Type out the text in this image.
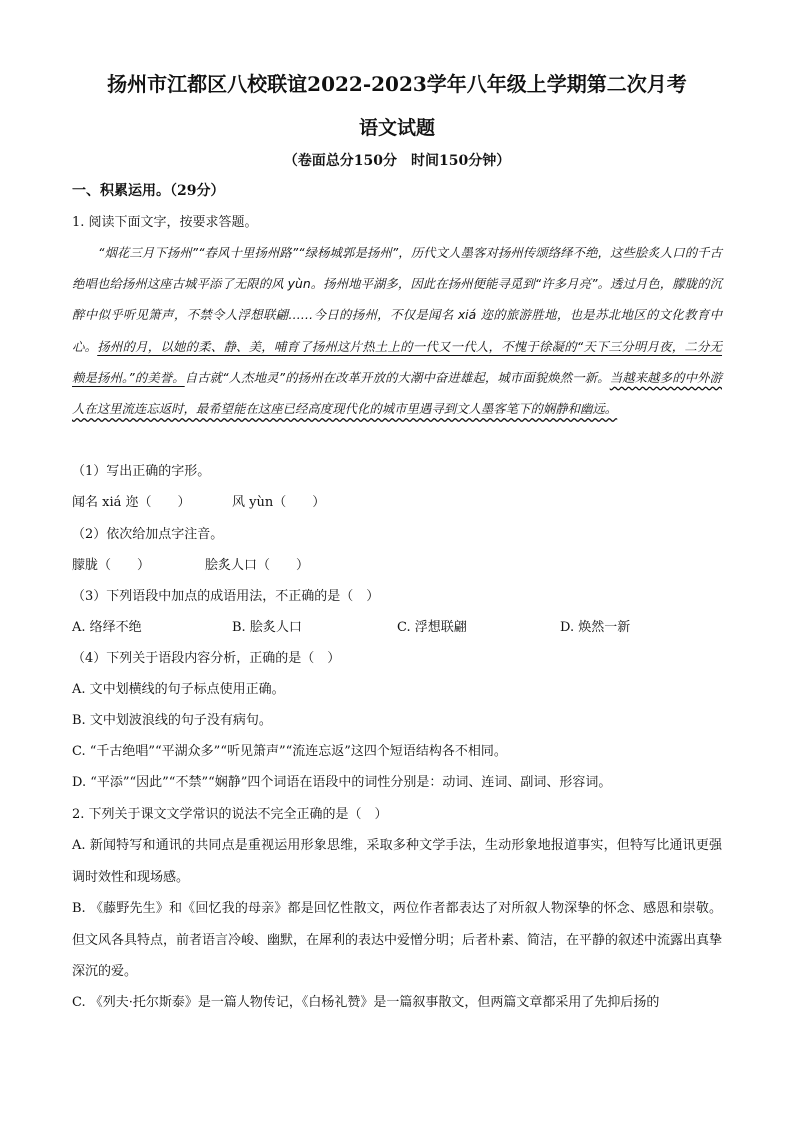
扬州市江都区八校联谊2022-2023学年八年级上学期第二次月考
语文试题
（卷面总分150分　时间150分钟）
一、积累运用。（29分）
1. 阅读下面文字，按要求答题。
“烟花三月下扬州”“春风十里扬州路”“绿杨城郭是扬州”，历代文人墨客对扬州传颂络绎不绝，这些脍炙人口的千古绝唱也给扬州这座古城平添了无限的风 yùn。扬州地平湖多，因此在扬州便能寻觅到“许多月亮”。透过月色，朦胧的沉醉中似乎听见箫声，不禁令人浮想联翩……今日的扬州，不仅是闻名 xiá 迩的旅游胜地，也是苏北地区的文化教育中心。扬州的月，以她的柔、静、美，哺育了扬州这片热土上的一代又一代人，不愧于徐凝的“天下三分明月夜，二分无赖是扬州。”的美誉。自古就“人杰地灵”的扬州在改革开放的大潮中奋进雄起，城市面貌焕然一新。当越来越多的中外游人在这里流连忘返时，最希望能在这座已经高度现代化的城市里遇寻到文人墨客笔下的娴静和幽远。
（1）写出正确的字形。
闻名 xiá 迩（　　）	风 yùn（　　）
（2）依次给加点字注音。
朦胧（　　）	脍炙人口（　　）
（3）下列语段中加点的成语用法，不正确的是（　）
A. 络绎不绝	B. 脍炙人口	C. 浮想联翩	D. 焕然一新
（4）下列关于语段内容分析，正确的是（　）
A. 文中划横线的句子标点使用正确。
B. 文中划波浪线的句子没有病句。
C. “千古绝唱”“平湖众多”“听见箫声”“流连忘返”这四个短语结构各不相同。
D. “平添”“因此”“不禁”“娴静”四个词语在语段中的词性分别是：动词、连词、副词、形容词。
2. 下列关于课文文学常识的说法不完全正确的是（　）
A. 新闻特写和通讯的共同点是重视运用形象思维，采取多种文学手法，生动形象地报道事实，但特写比通讯更强调时效性和现场感。
B. 《藤野先生》和《回忆我的母亲》都是回忆性散文，两位作者都表达了对所叙人物深挚的怀念、感恩和崇敬。但文风各具特点，前者语言冷峻、幽默，在犀利的表达中爱憎分明；后者朴素、简洁，在平静的叙述中流露出真挚深沉的爱。
C. 《列夫·托尔斯泰》是一篇人物传记，《白杨礼赞》是一篇叙事散文，但两篇文章都采用了先抑后扬的
